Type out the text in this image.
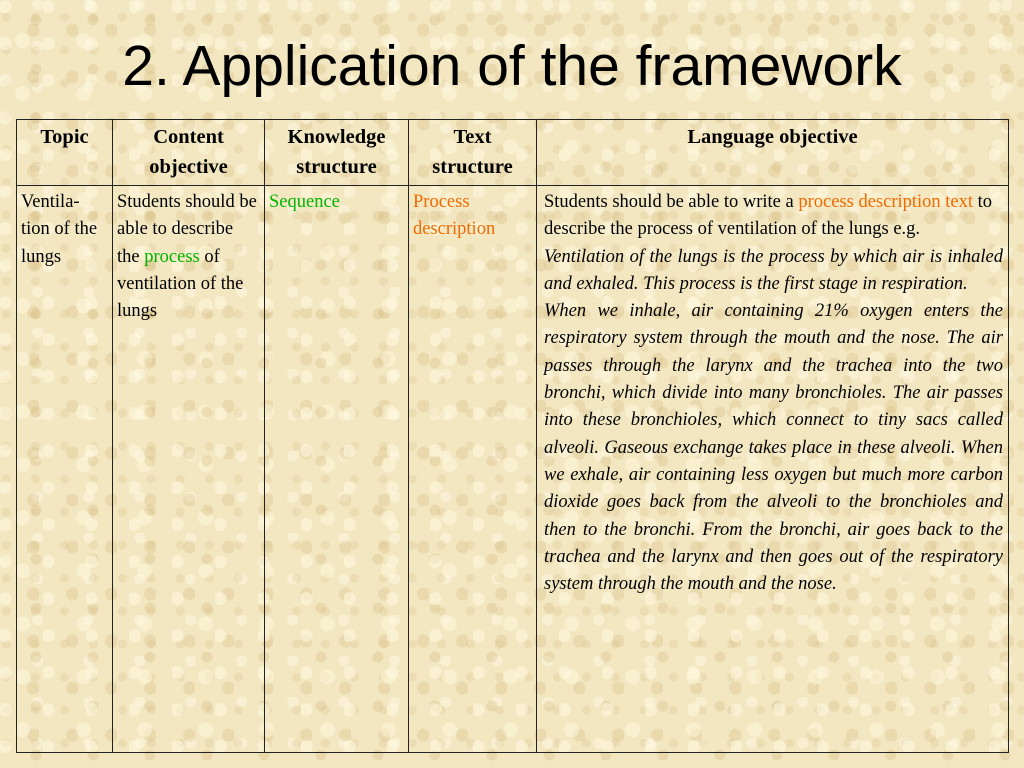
2. Application of the framework
Topic	Content objective	Knowledge structure	Text structure	Language objective
Ventila-tion of the lungs	Students should be able to describe the process of ventilation of the lungs	Sequence	Process description	Students should be able to write a process description text to describe the process of ventilation of the lungs e.g.

Ventilation of the lungs is the process by which air is inhaled and exhaled. This process is the first stage in respiration.

When we inhale, air containing 21% oxygen enters the respiratory system through the mouth and the nose. The air passes through the larynx and the trachea into the two bronchi, which divide into many bronchioles. The air passes into these bronchioles, which connect to tiny sacs called alveoli. Gaseous exchange takes place in these alveoli. When we exhale, air containing less oxygen but much more carbon dioxide goes back from the alveoli to the bronchioles and then to the bronchi. From the bronchi, air goes back to the trachea and the larynx and then goes out of the respiratory system through the mouth and the nose.
